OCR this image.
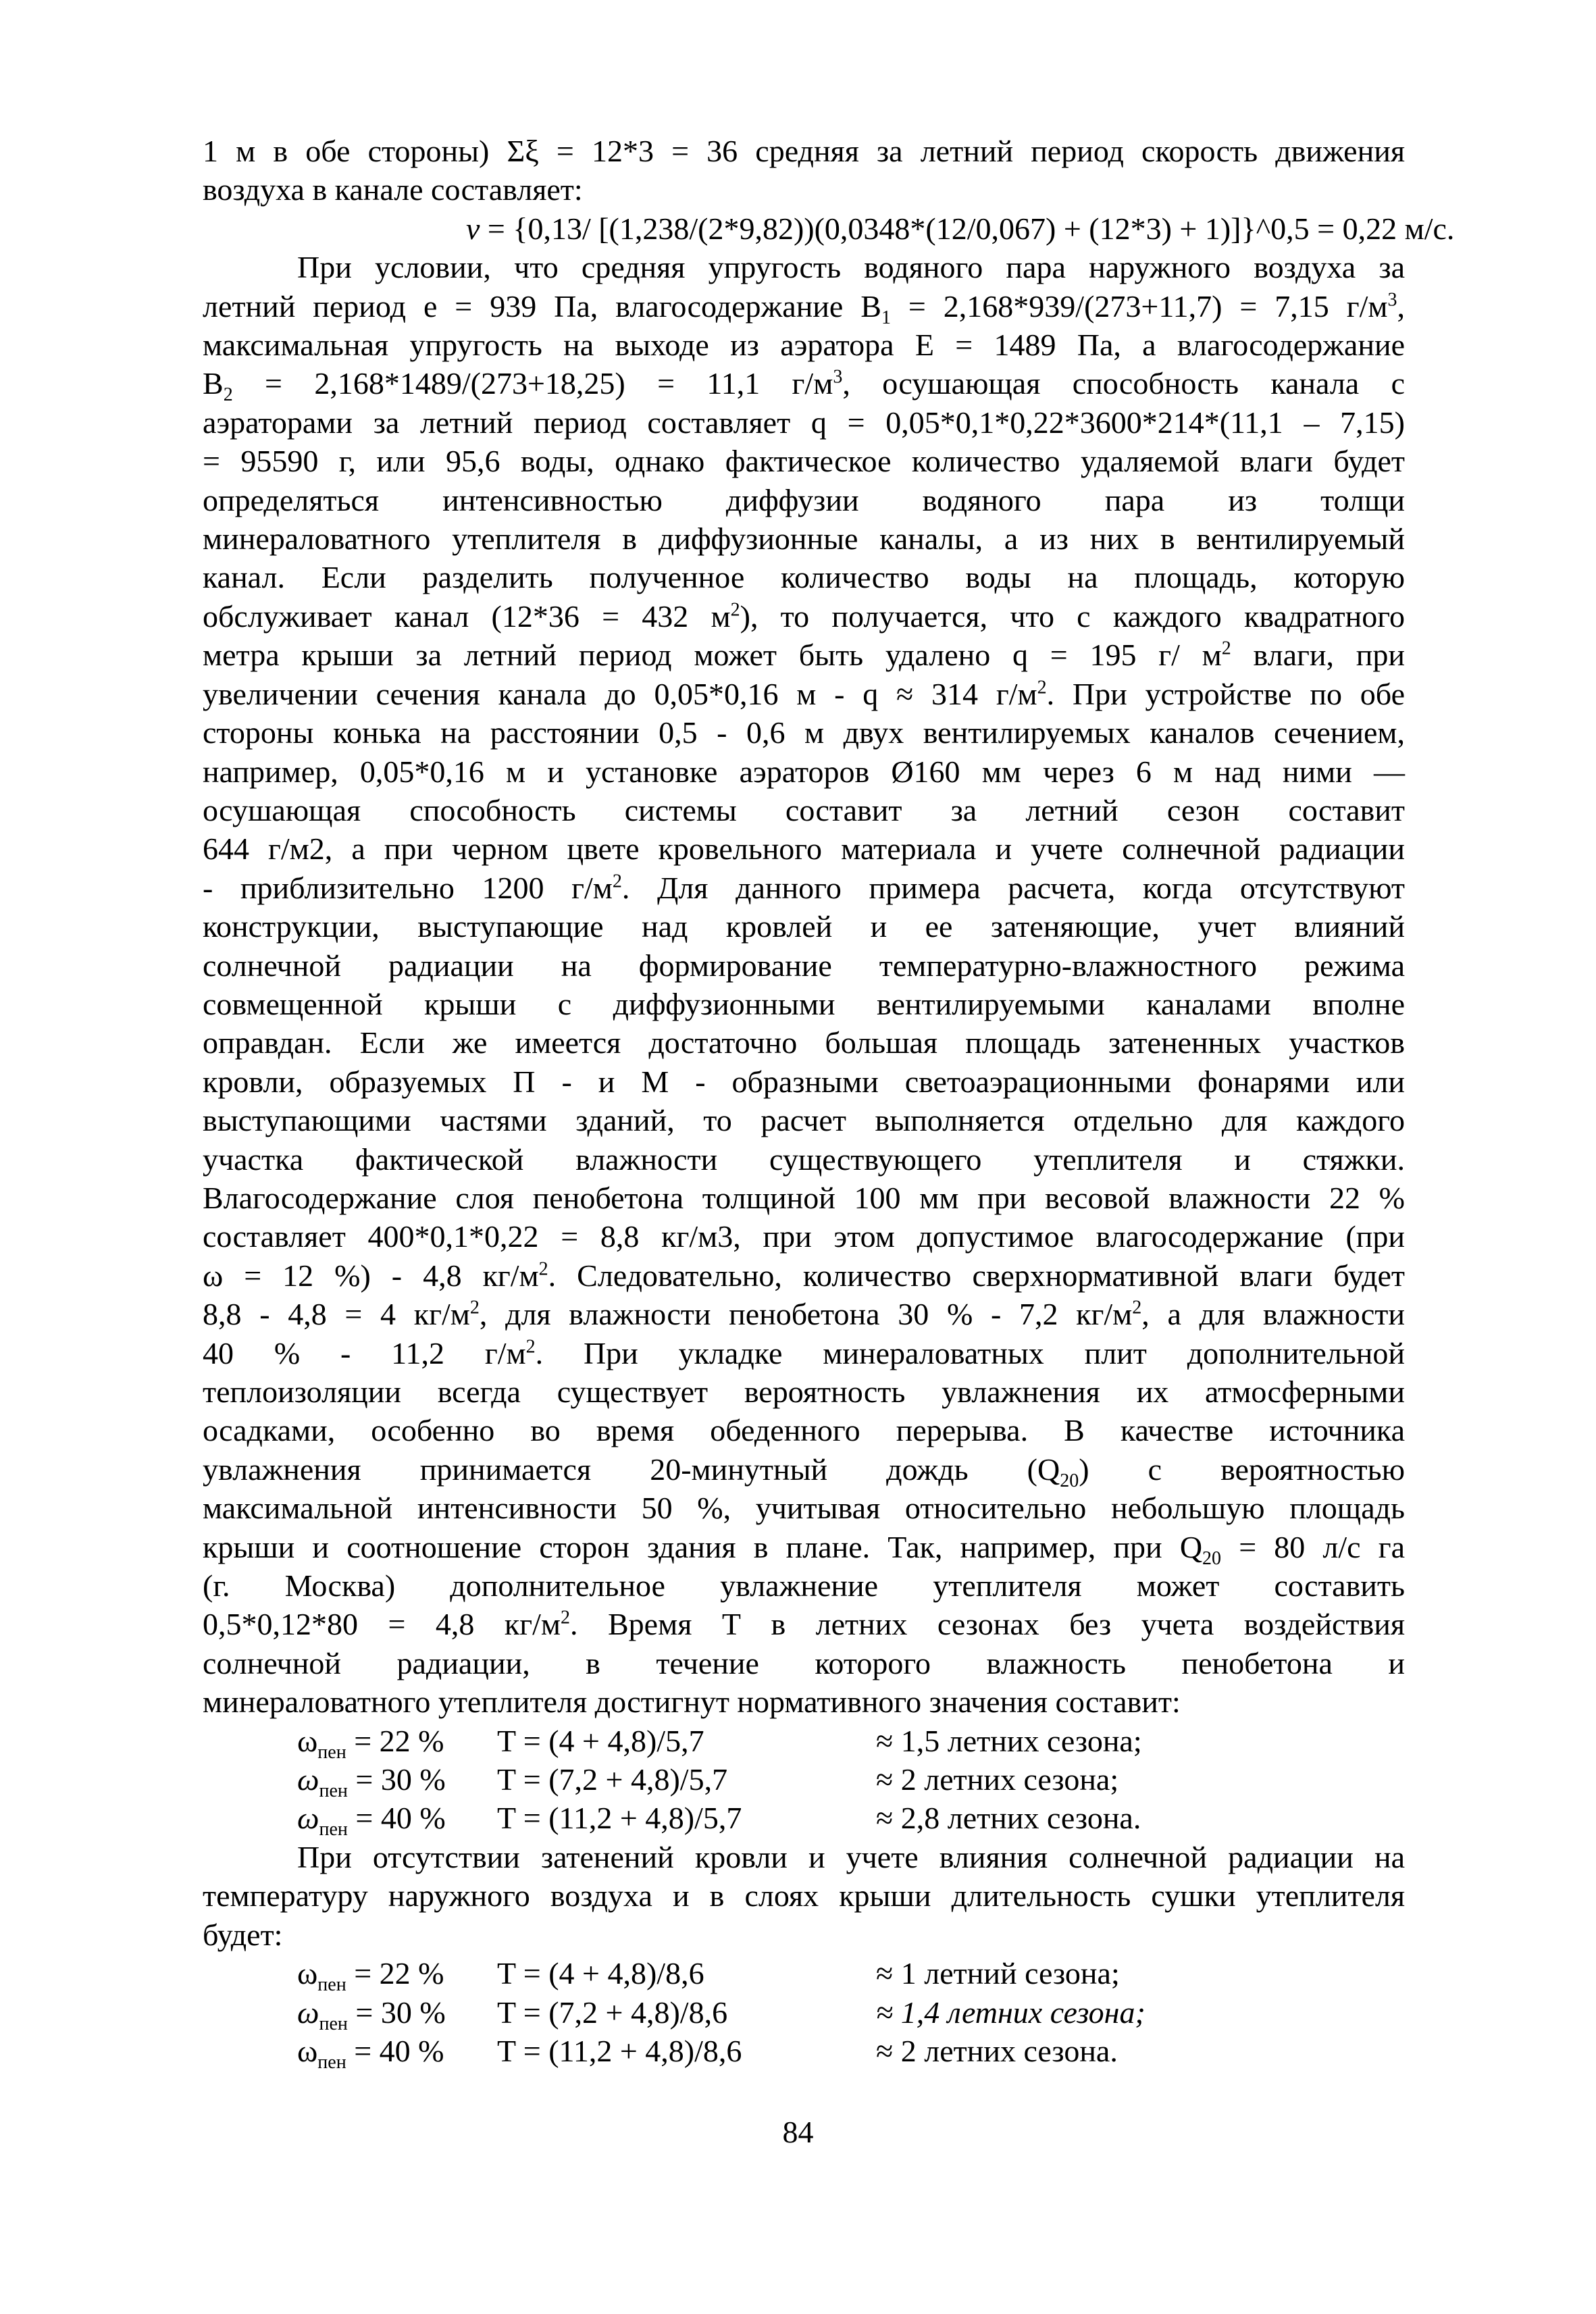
1 м в обе стороны) Σξ = 12*3 = 36 средняя за летний период скорость движения
воздуха в канале составляет:
v = {0,13/ [(1,238/(2*9,82))(0,0348*(12/0,067) + (12*3) + 1)]}^0,5 = 0,22 м/с.
При условии, что средняя упругость водяного пара наружного воздуха за
летний период е = 939 Па, влагосодержание $В_1 = 2,168*939/(273+11,7) = 7,15$ $г/м^3$,
максимальная упругость на выходе из аэратора Е = 1489 Па, а влагосодержание
$В_2 = 2,168*1489/(273+18,25) = 11,1$ $г/м^3$, осушающая способность канала с
аэраторами за летний период составляет q = 0,05*0,1*0,22*3600*214*(11,1 – 7,15)
= 95590 г, или 95,6 воды, однако фактическое количество удаляемой влаги будет
определяться интенсивностью диффузии водяного пара из толщи
минераловатного утеплителя в диффузионные каналы, а из них в вентилируемый
канал. Если разделить полученное количество воды на площадь, которую
обслуживает канал (12*36 = 432 $м^2$), то получается, что с каждого квадратного
метра крыши за летний период может быть удалено q = 195 г/ $м^2$ влаги, при
увеличении сечения канала до 0,05*0,16 м - q ≈ 314 $г/м^2$. При устройстве по обе
стороны конька на расстоянии 0,5 - 0,6 м двух вентилируемых каналов сечением,
например, 0,05*0,16 м и установке аэраторов Ø160 мм через 6 м над ними —
осушающая способность системы составит за летний сезон составит
644 г/м2, а при черном цвете кровельного материала и учете солнечной радиации
- приблизительно 1200 $г/м^2$. Для данного примера расчета, когда отсутствуют
конструкции, выступающие над кровлей и ее затеняющие, учет влияний
солнечной радиации на формирование температурно-влажностного режима
совмещенной крыши с диффузионными вентилируемыми каналами вполне
оправдан. Если же имеется достаточно большая площадь затененных участков
кровли, образуемых П - и М - образными светоаэрационными фонарями или
выступающими частями зданий, то расчет выполняется отдельно для каждого
участка фактической влажности существующего утеплителя и стяжки.
Влагосодержание слоя пенобетона толщиной 100 мм при весовой влажности 22 %
составляет 400*0,1*0,22 = 8,8 кг/м3, при этом допустимое влагосодержание (при
ω = 12 %) - 4,8 $кг/м^2$. Следовательно, количество сверхнормативной влаги будет
8,8 - 4,8 = 4 $кг/м^2$, для влажности пенобетона 30 % - 7,2 $кг/м^2$, а для влажности
40 % - 11,2 $г/м^2$. При укладке минераловатных плит дополнительной
теплоизоляции всегда существует вероятность увлажнения их атмосферными
осадками, особенно во время обеденного перерыва. В качестве источника
увлажнения принимается 20-минутный дождь $(Q_{20})$ с вероятностью
максимальной интенсивности 50 %, учитывая относительно небольшую площадь
крыши и соотношение сторон здания в плане. Так, например, при $Q_{20} = 80$ л/с га
(г. Москва) дополнительное увлажнение утеплителя может составить
0,5*0,12*80 = 4,8 $кг/м^2$. Время Т в летних сезонах без учета воздействия
солнечной радиации, в течение которого влажность пенобетона и
минераловатного утеплителя достигнут нормативного значения составит:
$\omega_{пен} = 22$ %	T = (4 + 4,8)/5,7	≈ 1,5 летних сезона;
$\omega_{пен} = 30$ %	T = (7,2 + 4,8)/5,7	≈ 2 летних сезона;
$\omega_{пен} = 40$ %	T = (11,2 + 4,8)/5,7	≈ 2,8 летних сезона.
При отсутствии затенений кровли и учете влияния солнечной радиации на
температуру наружного воздуха и в слоях крыши длительность сушки утеплителя
будет:
$\omega_{пен} = 22$ %	T = (4 + 4,8)/8,6	≈ 1 летний сезона;
$\omega_{пен} = 30$ %	T = (7,2 + 4,8)/8,6	≈ 1,4 летних сезона;
$\omega_{пен} = 40$ %	T = (11,2 + 4,8)/8,6	≈ 2 летних сезона.
84
